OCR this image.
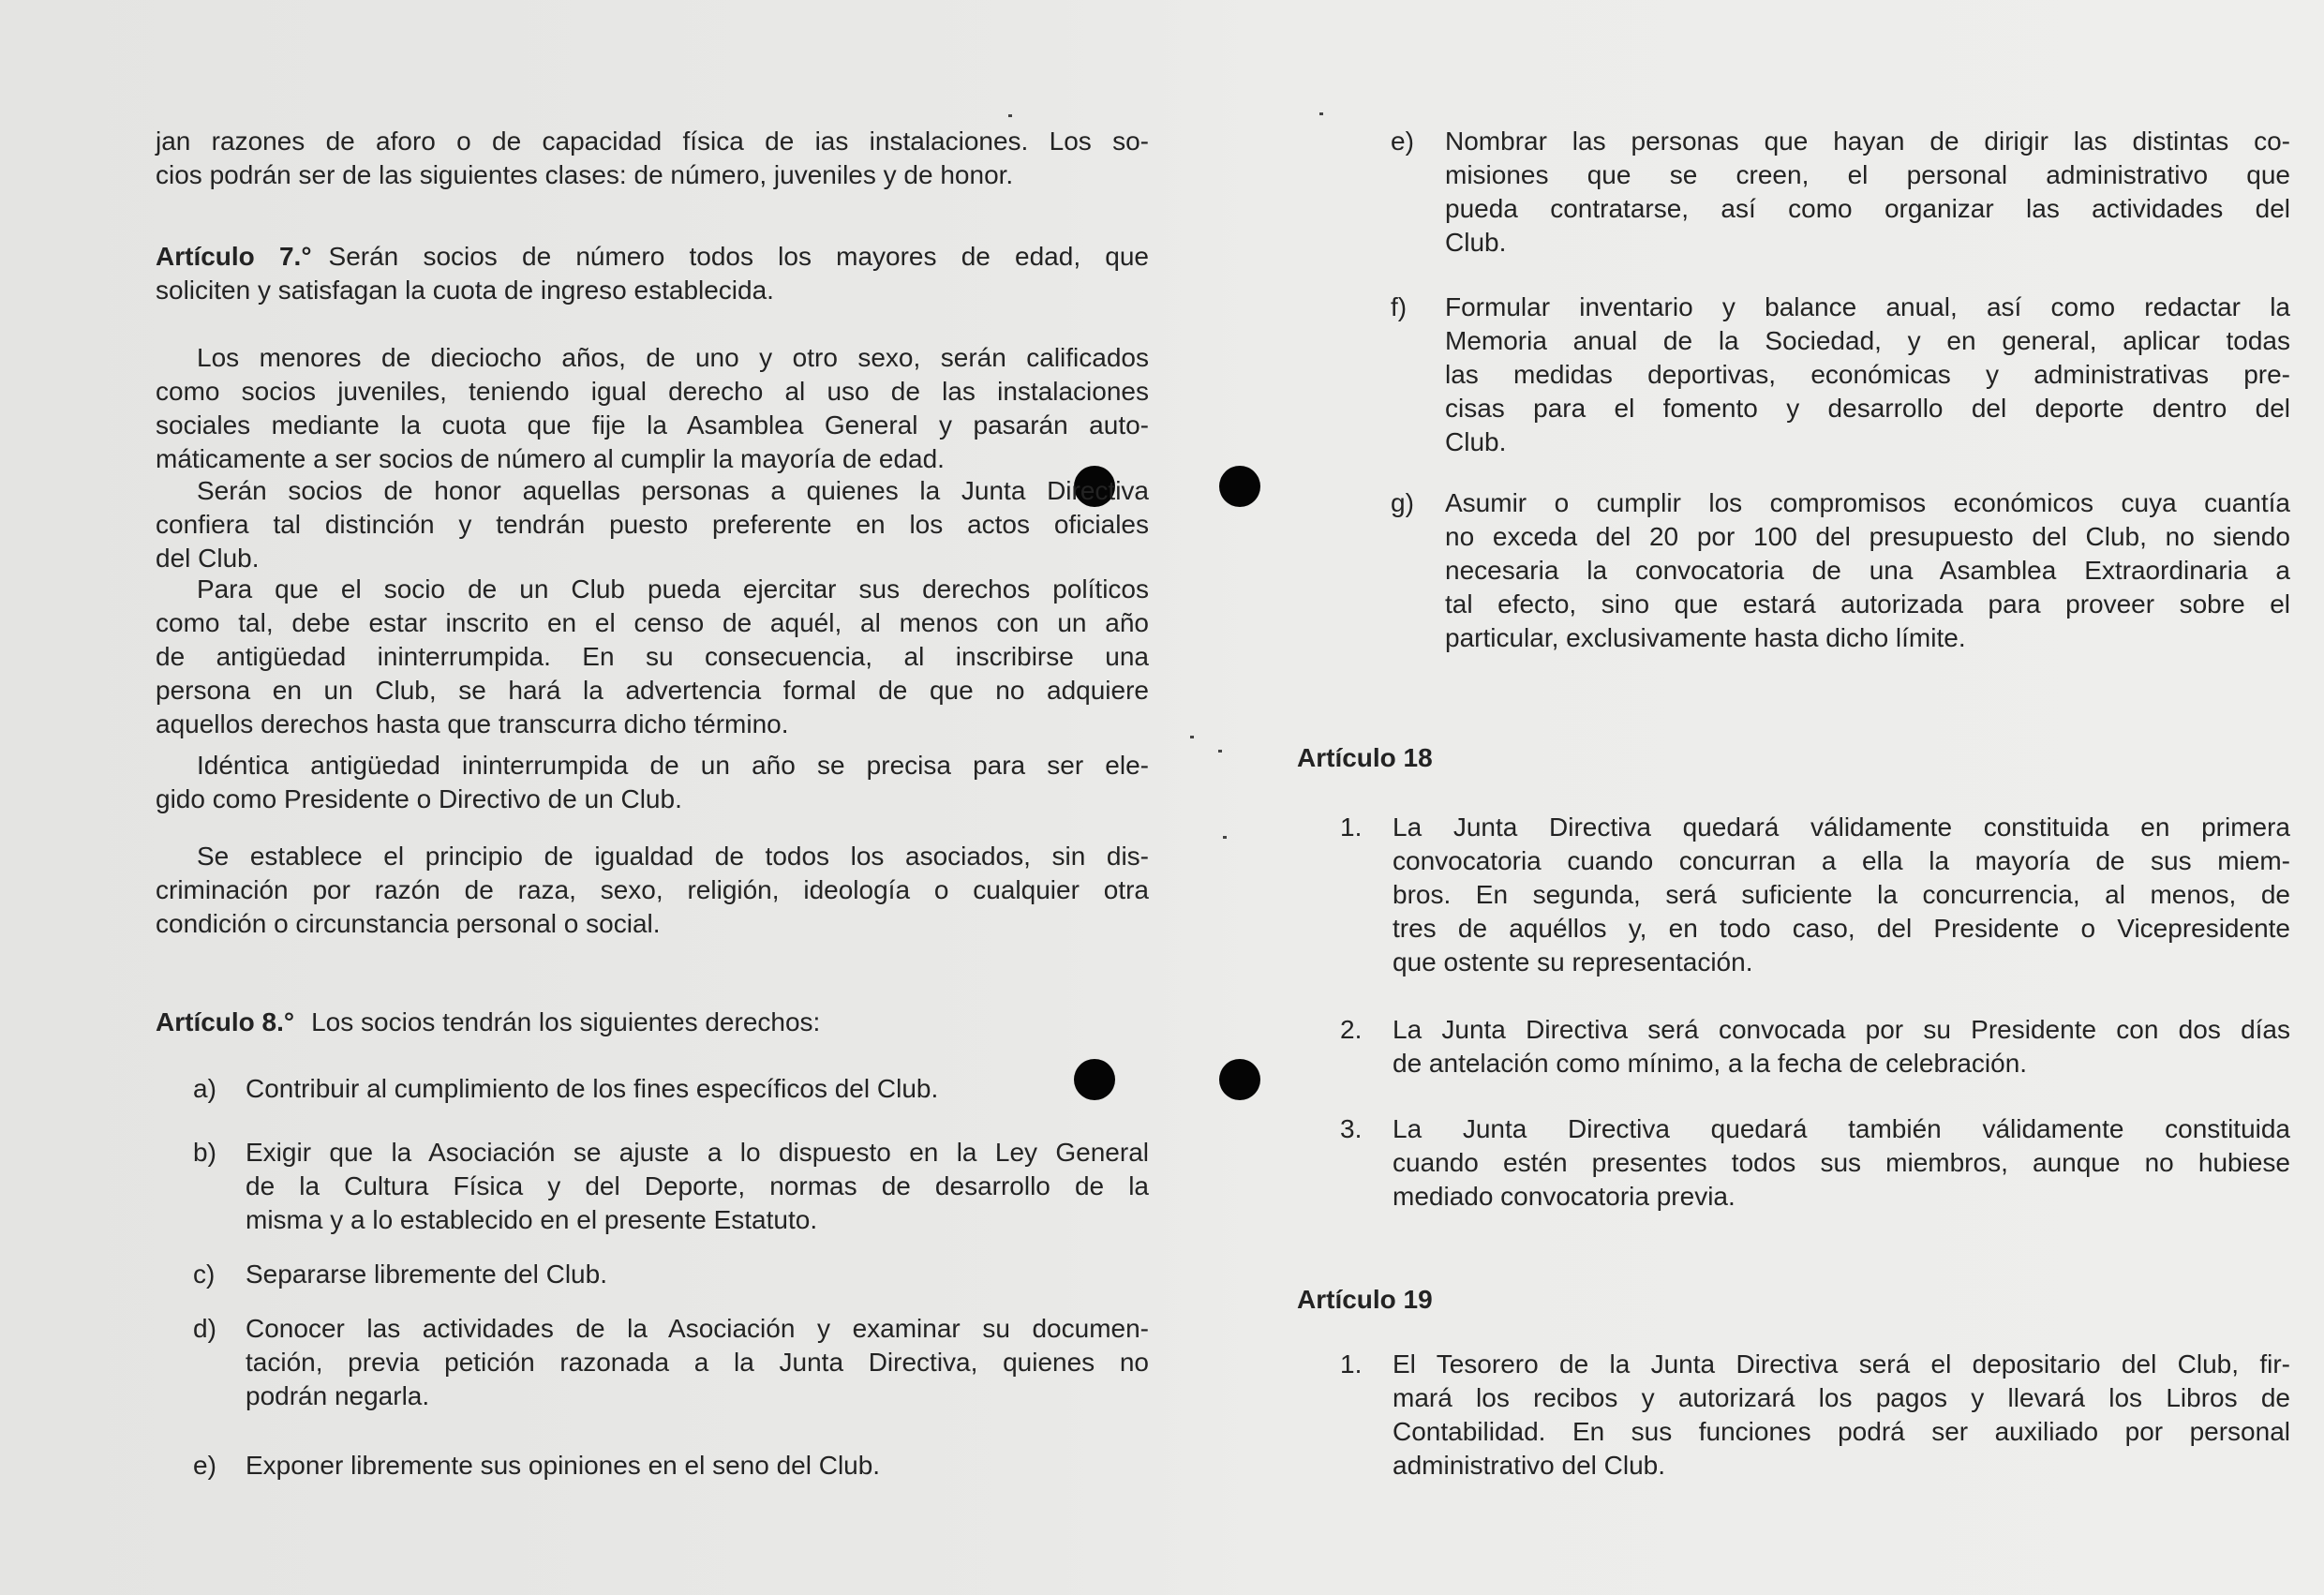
jan razones de aforo o de capacidad física de ias instalaciones. Los so-
cios podrán ser de las siguientes clases: de número, juveniles y de honor.
Artículo 7.° Serán socios de número todos los mayores de edad, que
soliciten y satisfagan la cuota de ingreso establecida.
Los menores de dieciocho años, de uno y otro sexo, serán calificados
como socios juveniles, teniendo igual derecho al uso de las instalaciones
sociales mediante la cuota que fije la Asamblea General y pasarán auto-
máticamente a ser socios de número al cumplir la mayoría de edad.
Serán socios de honor aquellas personas a quienes la Junta Directiva
confiera tal distinción y tendrán puesto preferente en los actos oficiales
del Club.
Para que el socio de un Club pueda ejercitar sus derechos políticos
como tal, debe estar inscrito en el censo de aquél, al menos con un año
de antigüedad ininterrumpida. En su consecuencia, al inscribirse una
persona en un Club, se hará la advertencia formal de que no adquiere
aquellos derechos hasta que transcurra dicho término.
Idéntica antigüedad ininterrumpida de un año se precisa para ser ele-
gido como Presidente o Directivo de un Club.
Se establece el principio de igualdad de todos los asociados, sin dis-
criminación por razón de raza, sexo, religión, ideología o cualquier otra
condición o circunstancia personal o social.
Artículo 8.° Los socios tendrán los siguientes derechos:
a) Contribuir al cumplimiento de los fines específicos del Club.
b) Exigir que la Asociación se ajuste a lo dispuesto en la Ley General
de la Cultura Física y del Deporte, normas de desarrollo de la
misma y a lo establecido en el presente Estatuto.
c) Separarse libremente del Club.
d) Conocer las actividades de la Asociación y examinar su documen-
tación, previa petición razonada a la Junta Directiva, quienes no
podrán negarla.
e) Exponer libremente sus opiniones en el seno del Club.
e) Nombrar las personas que hayan de dirigir las distintas co-
misiones que se creen, el personal administrativo que
pueda contratarse, así como organizar las actividades del
Club.
f) Formular inventario y balance anual, así como redactar la
Memoria anual de la Sociedad, y en general, aplicar todas
las medidas deportivas, económicas y administrativas pre-
cisas para el fomento y desarrollo del deporte dentro del
Club.
g) Asumir o cumplir los compromisos económicos cuya cuantía
no exceda del 20 por 100 del presupuesto del Club, no siendo
necesaria la convocatoria de una Asamblea Extraordinaria a
tal efecto, sino que estará autorizada para proveer sobre el
particular, exclusivamente hasta dicho límite.
Artículo 18
1. La Junta Directiva quedará válidamente constituida en primera
convocatoria cuando concurran a ella la mayoría de sus miem-
bros. En segunda, será suficiente la concurrencia, al menos, de
tres de aquéllos y, en todo caso, del Presidente o Vicepresidente
que ostente su representación.
2. La Junta Directiva será convocada por su Presidente con dos días
de antelación como mínimo, a la fecha de celebración.
3. La Junta Directiva quedará también válidamente constituida
cuando estén presentes todos sus miembros, aunque no hubiese
mediado convocatoria previa.
Artículo 19
1. El Tesorero de la Junta Directiva será el depositario del Club, fir-
mará los recibos y autorizará los pagos y llevará los Libros de
Contabilidad. En sus funciones podrá ser auxiliado por personal
administrativo del Club.
